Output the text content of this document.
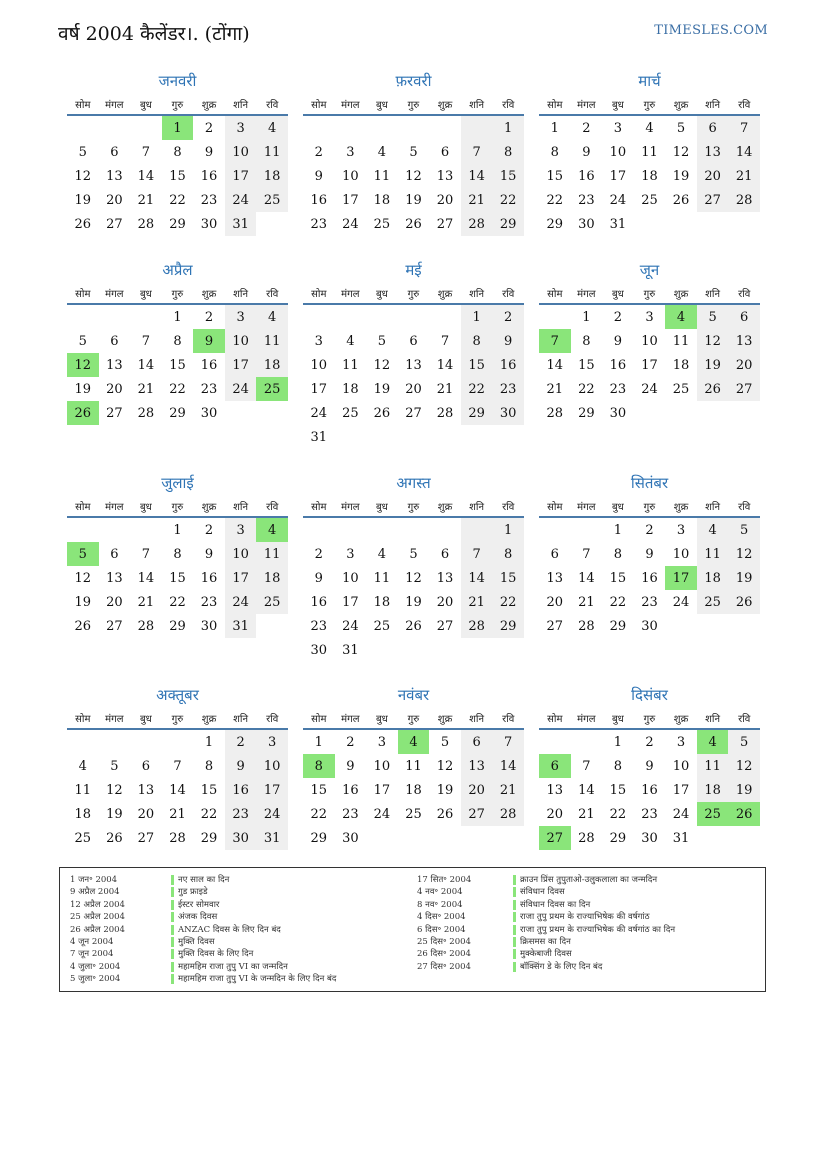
वर्ष 2004 कैलेंडर।. (टोंगा)	TIMESLES.COM
जनवरी
सोम	मंगल	बुध	गुरु	शुक्र	शनि	रवि
			1	2	3	4
5	6	7	8	9	10	11
12	13	14	15	16	17	18
19	20	21	22	23	24	25
26	27	28	29	30	31	
फ़रवरी
सोम	मंगल	बुध	गुरु	शुक्र	शनि	रवि
						1
2	3	4	5	6	7	8
9	10	11	12	13	14	15
16	17	18	19	20	21	22
23	24	25	26	27	28	29
मार्च
सोम	मंगल	बुध	गुरु	शुक्र	शनि	रवि
1	2	3	4	5	6	7
8	9	10	11	12	13	14
15	16	17	18	19	20	21
22	23	24	25	26	27	28
29	30	31				
अप्रैल
सोम	मंगल	बुध	गुरु	शुक्र	शनि	रवि
			1	2	3	4
5	6	7	8	9	10	11
12	13	14	15	16	17	18
19	20	21	22	23	24	25
26	27	28	29	30		
मई
सोम	मंगल	बुध	गुरु	शुक्र	शनि	रवि
					1	2
3	4	5	6	7	8	9
10	11	12	13	14	15	16
17	18	19	20	21	22	23
24	25	26	27	28	29	30
31						
जून
सोम	मंगल	बुध	गुरु	शुक्र	शनि	रवि
	1	2	3	4	5	6
7	8	9	10	11	12	13
14	15	16	17	18	19	20
21	22	23	24	25	26	27
28	29	30				
जुलाई
सोम	मंगल	बुध	गुरु	शुक्र	शनि	रवि
			1	2	3	4
5	6	7	8	9	10	11
12	13	14	15	16	17	18
19	20	21	22	23	24	25
26	27	28	29	30	31	
अगस्त
सोम	मंगल	बुध	गुरु	शुक्र	शनि	रवि
						1
2	3	4	5	6	7	8
9	10	11	12	13	14	15
16	17	18	19	20	21	22
23	24	25	26	27	28	29
30	31					
सितंबर
सोम	मंगल	बुध	गुरु	शुक्र	शनि	रवि
		1	2	3	4	5
6	7	8	9	10	11	12
13	14	15	16	17	18	19
20	21	22	23	24	25	26
27	28	29	30			
अक्तूबर
सोम	मंगल	बुध	गुरु	शुक्र	शनि	रवि
				1	2	3
4	5	6	7	8	9	10
11	12	13	14	15	16	17
18	19	20	21	22	23	24
25	26	27	28	29	30	31
नवंबर
सोम	मंगल	बुध	गुरु	शुक्र	शनि	रवि
1	2	3	4	5	6	7
8	9	10	11	12	13	14
15	16	17	18	19	20	21
22	23	24	25	26	27	28
29	30					
दिसंबर
सोम	मंगल	बुध	गुरु	शुक्र	शनि	रवि
		1	2	3	4	5
6	7	8	9	10	11	12
13	14	15	16	17	18	19
20	21	22	23	24	25	26
27	28	29	30	31		
1 जन॰ 2004	नए साल का दिन
9 अप्रैल 2004	गुड फ्राइडे
12 अप्रैल 2004	ईस्टर सोमवार
25 अप्रैल 2004	अंजक दिवस
26 अप्रैल 2004	ANZAC दिवस के लिए दिन बंद
4 जून 2004	मुक्ति दिवस
7 जून 2004	मुक्ति दिवस के लिए दिन
4 जुला॰ 2004	महामहिम राजा तुपु VI का जन्मदिन
5 जुला॰ 2004	महामहिम राजा तुपु VI के जन्मदिन के लिए दिन बंद
17 सित॰ 2004	क्राउन प्रिंस तुपुताओ-उलुकलाला का जन्मदिन
4 नव॰ 2004	संविधान दिवस
8 नव॰ 2004	संविधान दिवस का दिन
4 दिस॰ 2004	राजा तुपु प्रथम के राज्याभिषेक की वर्षगांठ
6 दिस॰ 2004	राजा तुपु प्रथम के राज्याभिषेक की वर्षगांठ का दिन
25 दिस॰ 2004	क्रिसमस का दिन
26 दिस॰ 2004	मुक्केबाजी दिवस
27 दिस॰ 2004	बॉक्सिंग डे के लिए दिन बंद
